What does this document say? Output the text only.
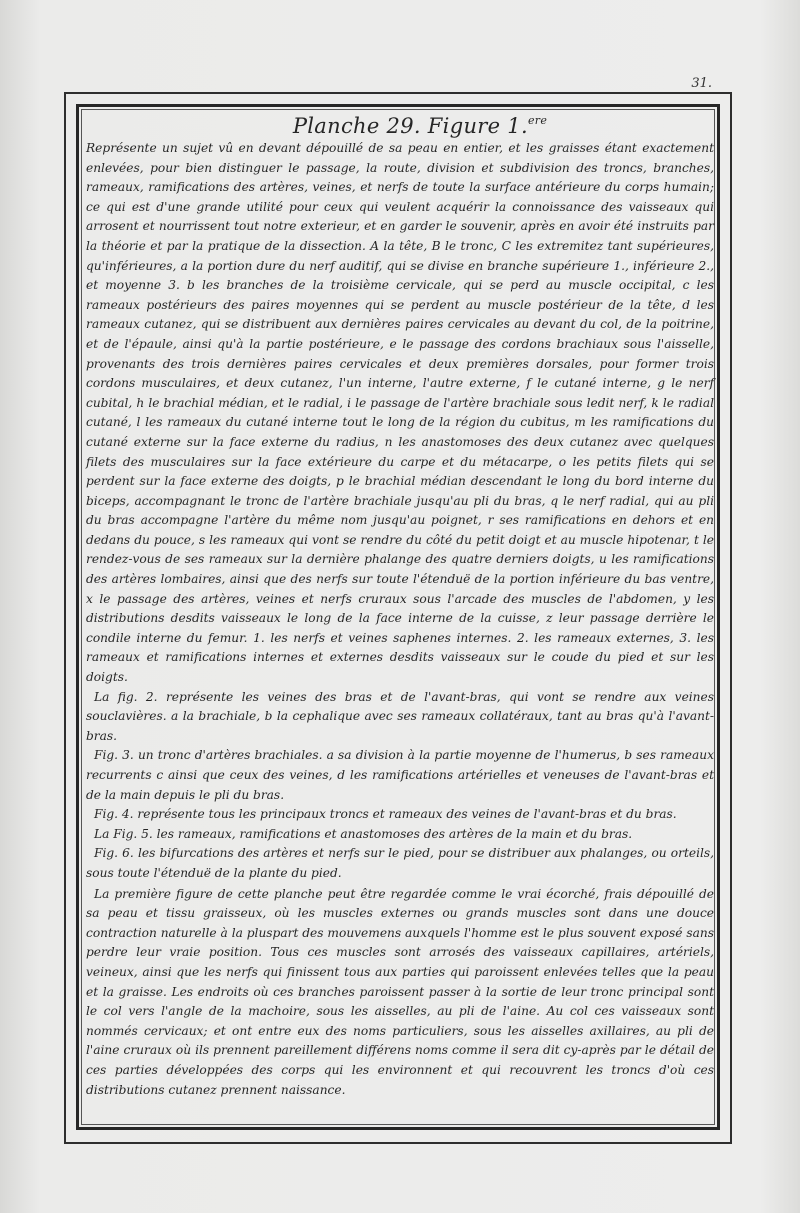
31.
Planche 29. Figure 1.$^{ere}$

Représente un sujet vû en devant dépouillé de sa peau en entier, et les graisses étant exactement enlevées, pour bien distinguer le passage, la route, division et subdivision des troncs, branches, rameaux, ramifications des artères, veines, et nerfs de toute la surface antérieure du corps humain; ce qui est d'une grande utilité pour ceux qui veulent acquérir la connoissance des vaisseaux qui arrosent et nourrissent tout notre exterieur, et en garder le souvenir, après en avoir été instruits par la théorie et par la pratique de la dissection. A la tête, B le tronc, C les extremitez tant supérieures, qu'inférieures, a la portion dure du nerf auditif, qui se divise en branche supérieure 1., inférieure 2., et moyenne 3. b les branches de la troisième cervicale, qui se perd au muscle occipital, c les rameaux postérieurs des paires moyennes qui se perdent au muscle postérieur de la tête, d les rameaux cutanez, qui se distribuent aux dernières paires cervicales au devant du col, de la poitrine, et de l'épaule, ainsi qu'à la partie postérieure, e le passage des cordons brachiaux sous l'aisselle, provenants des trois dernières paires cervicales et deux premières dorsales, pour former trois cordons musculaires, et deux cutanez, l'un interne, l'autre externe, f le cutané interne, g le nerf cubital, h le brachial médian, et le radial, i le passage de l'artère brachiale sous ledit nerf, k le radial cutané, l les rameaux du cutané interne tout le long de la région du cubitus, m les ramifications du cutané externe sur la face externe du radius, n les anastomoses des deux cutanez avec quelques filets des musculaires sur la face extérieure du carpe et du métacarpe, o les petits filets qui se perdent sur la face externe des doigts, p le brachial médian descendant le long du bord interne du biceps, accompagnant le tronc de l'artère brachiale jusqu'au pli du bras, q le nerf radial, qui au pli du bras accompagne l'artère du même nom jusqu'au poignet, r ses ramifications en dehors et en dedans du pouce, s les rameaux qui vont se rendre du côté du petit doigt et au muscle hipotenar, t le rendez-vous de ses rameaux sur la dernière phalange des quatre derniers doigts, u les ramifications des artères lombaires, ainsi que des nerfs sur toute l'étenduë de la portion inférieure du bas ventre, x le passage des artères, veines et nerfs cruraux sous l'arcade des muscles de l'abdomen, y les distributions desdits vaisseaux le long de la face interne de la cuisse, z leur passage derrière le condile interne du femur. 1. les nerfs et veines saphenes internes. 2. les rameaux externes, 3. les rameaux et ramifications internes et externes desdits vaisseaux sur le coude du pied et sur les doigts.

La fig. 2. représente les veines des bras et de l'avant-bras, qui vont se rendre aux veines souclavières. a la brachiale, b la cephalique avec ses rameaux collatéraux, tant au bras qu'à l'avant-bras.

Fig. 3. un tronc d'artères brachiales. a sa division à la partie moyenne de l'humerus, b ses rameaux recurrents c ainsi que ceux des veines, d les ramifications artérielles et veneuses de l'avant-bras et de la main depuis le pli du bras.

Fig. 4. représente tous les principaux troncs et rameaux des veines de l'avant-bras et du bras.

La Fig. 5. les rameaux, ramifications et anastomoses des artères de la main et du bras.

Fig. 6. les bifurcations des artères et nerfs sur le pied, pour se distribuer aux phalanges, ou orteils, sous toute l'étenduë de la plante du pied.

La première figure de cette planche peut être regardée comme le vrai écorché, frais dépouillé de sa peau et tissu graisseux, où les muscles externes ou grands muscles sont dans une douce contraction naturelle à la pluspart des mouvemens auxquels l'homme est le plus souvent exposé sans perdre leur vraie position. Tous ces muscles sont arrosés des vaisseaux capillaires, artériels, veineux, ainsi que les nerfs qui finissent tous aux parties qui paroissent enlevées telles que la peau et la graisse. Les endroits où ces branches paroissent passer à la sortie de leur tronc principal sont le col vers l'angle de la machoire, sous les aisselles, au pli de l'aine. Au col ces vaisseaux sont nommés cervicaux; et ont entre eux des noms particuliers, sous les aisselles axillaires, au pli de l'aine cruraux où ils prennent pareillement différens noms comme il sera dit cy-après par le détail de ces parties développées des corps qui les environnent et qui recouvrent les troncs d'où ces distributions cutanez prennent naissance.
